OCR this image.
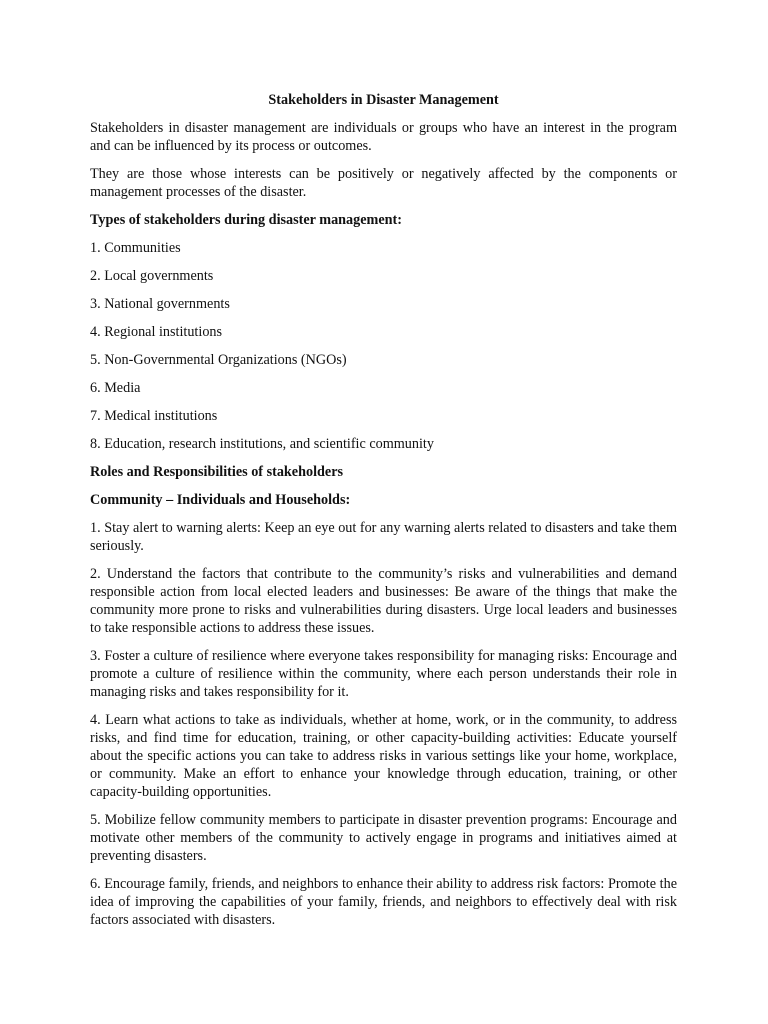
Stakeholders in Disaster Management
Stakeholders in disaster management are individuals or groups who have an interest in the program and can be influenced by its process or outcomes.
They are those whose interests can be positively or negatively affected by the components or management processes of the disaster.
Types of stakeholders during disaster management:
1. Communities
2. Local governments
3. National governments
4. Regional institutions
5. Non-Governmental Organizations (NGOs)
6. Media
7. Medical institutions
8. Education, research institutions, and scientific community
Roles and Responsibilities of stakeholders
Community – Individuals and Households:
1. Stay alert to warning alerts: Keep an eye out for any warning alerts related to disasters and take them seriously.
2. Understand the factors that contribute to the community’s risks and vulnerabilities and demand responsible action from local elected leaders and businesses: Be aware of the things that make the community more prone to risks and vulnerabilities during disasters. Urge local leaders and businesses to take responsible actions to address these issues.
3. Foster a culture of resilience where everyone takes responsibility for managing risks: Encourage and promote a culture of resilience within the community, where each person understands their role in managing risks and takes responsibility for it.
4. Learn what actions to take as individuals, whether at home, work, or in the community, to address risks, and find time for education, training, or other capacity-building activities: Educate yourself about the specific actions you can take to address risks in various settings like your home, workplace, or community. Make an effort to enhance your knowledge through education, training, or other capacity-building opportunities.
5. Mobilize fellow community members to participate in disaster prevention programs: Encourage and motivate other members of the community to actively engage in programs and initiatives aimed at preventing disasters.
6. Encourage family, friends, and neighbors to enhance their ability to address risk factors: Promote the idea of improving the capabilities of your family, friends, and neighbors to effectively deal with risk factors associated with disasters.
